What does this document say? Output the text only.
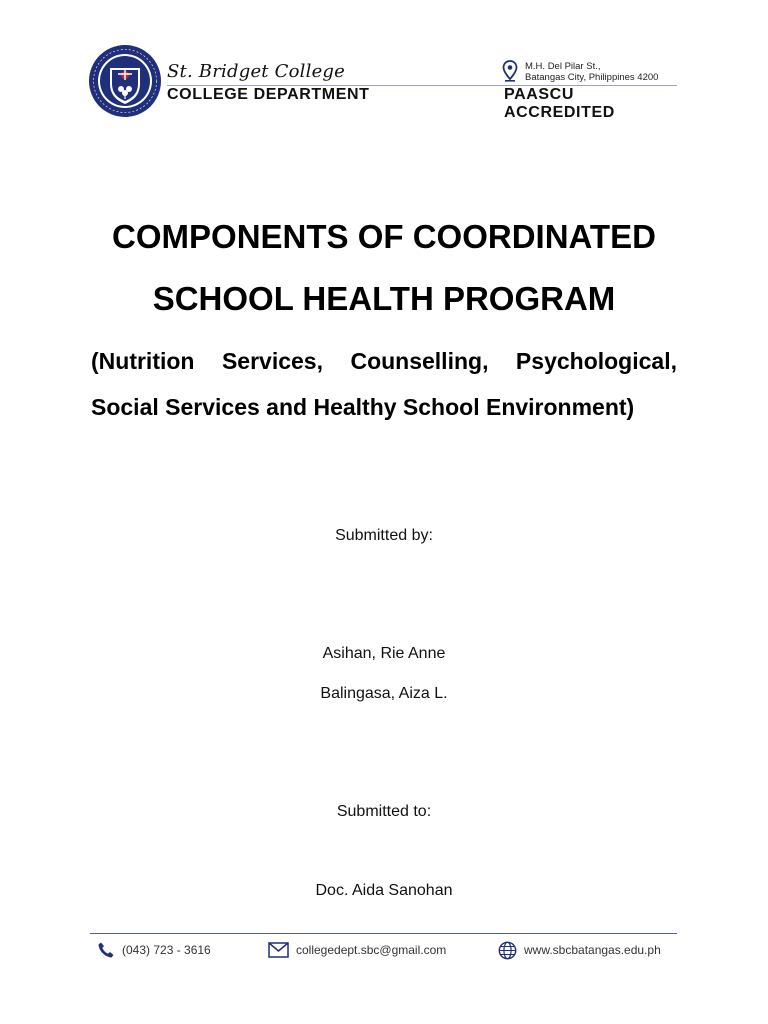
St. Bridget College
COLLEGE DEPARTMENT
M.H. Del Pilar St.,
Batangas City, Philippines 4200
PAASCU ACCREDITED
COMPONENTS OF COORDINATED SCHOOL HEALTH PROGRAM

(Nutrition Services, Counselling, Psychological, Social Services and Healthy School Environment)

Submitted by:
Asihan, Rie Anne
Balingasa, Aiza L.
Submitted to:
Doc. Aida Sanohan
(043) 723 - 3616	collegedept.sbc@gmail.com	www.sbcbatangas.edu.ph
